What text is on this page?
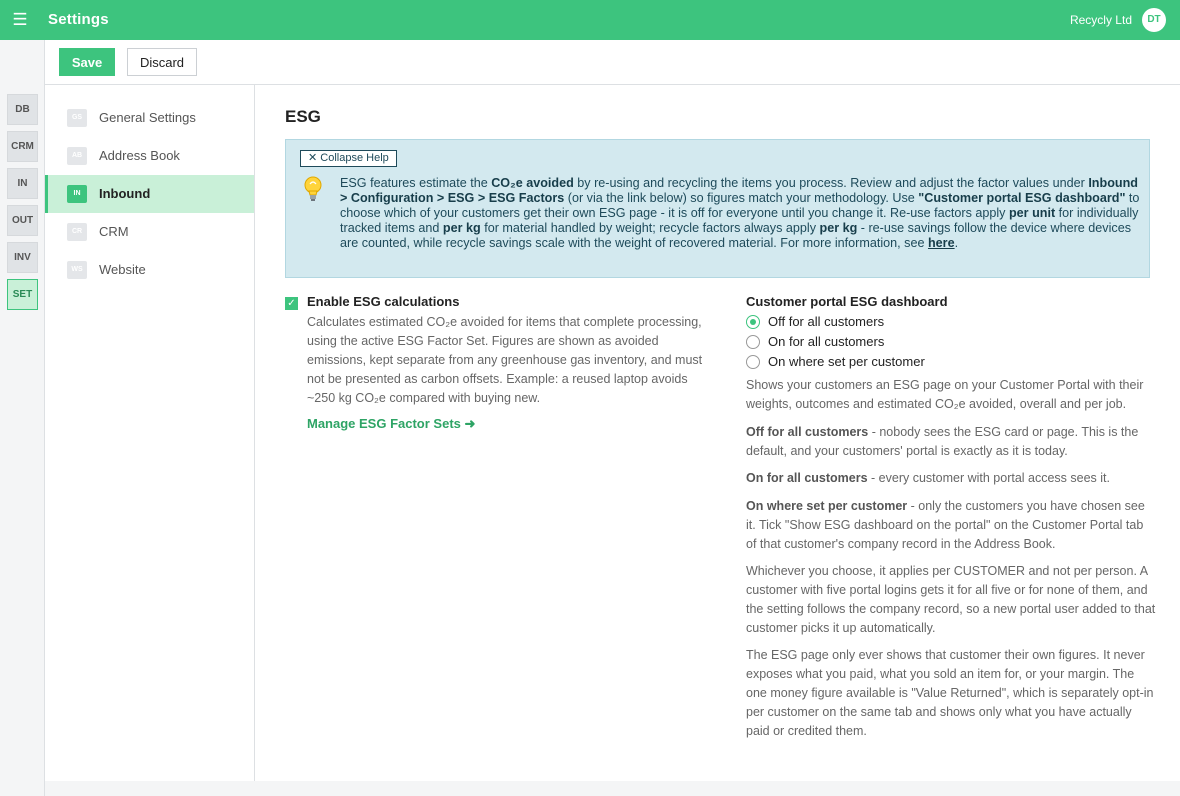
☰ Settings	Recycly Ltd	DT
DB
CRM
IN
OUT
INV
SET
Save	Discard
GS	General Settings
AB	Address Book
IN	Inbound
CR	CRM
WS	Website
ESG
✕ Collapse Help
ESG features estimate the CO₂e avoided by re-using and recycling the items you process. Review and adjust the factor values under Inbound > Configuration > ESG > ESG Factors (or via the link below) so figures match your methodology. Use "Customer portal ESG dashboard" to choose which of your customers get their own ESG page - it is off for everyone until you change it. Re-use factors apply per unit for individually tracked items and per kg for material handled by weight; recycle factors always apply per kg - re-use savings follow the device where devices are counted, while recycle savings scale with the weight of recovered material. For more information, see here.
✓ Enable ESG calculations
Calculates estimated CO₂e avoided for items that complete processing, using the active ESG Factor Set. Figures are shown as avoided emissions, kept separate from any greenhouse gas inventory, and must not be presented as carbon offsets. Example: a reused laptop avoids ~250 kg CO₂e compared with buying new.
Manage ESG Factor Sets ➜
Customer portal ESG dashboard
Off for all customers
On for all customers
On where set per customer
Shows your customers an ESG page on your Customer Portal with their weights, outcomes and estimated CO₂e avoided, overall and per job.
Off for all customers - nobody sees the ESG card or page. This is the default, and your customers' portal is exactly as it is today.
On for all customers - every customer with portal access sees it.
On where set per customer - only the customers you have chosen see it. Tick "Show ESG dashboard on the portal" on the Customer Portal tab of that customer's company record in the Address Book.
Whichever you choose, it applies per CUSTOMER and not per person. A customer with five portal logins gets it for all five or for none of them, and the setting follows the company record, so a new portal user added to that customer picks it up automatically.
The ESG page only ever shows that customer their own figures. It never exposes what you paid, what you sold an item for, or your margin. The one money figure available is "Value Returned", which is separately opt-in per customer on the same tab and shows only what you have actually paid or credited them.
